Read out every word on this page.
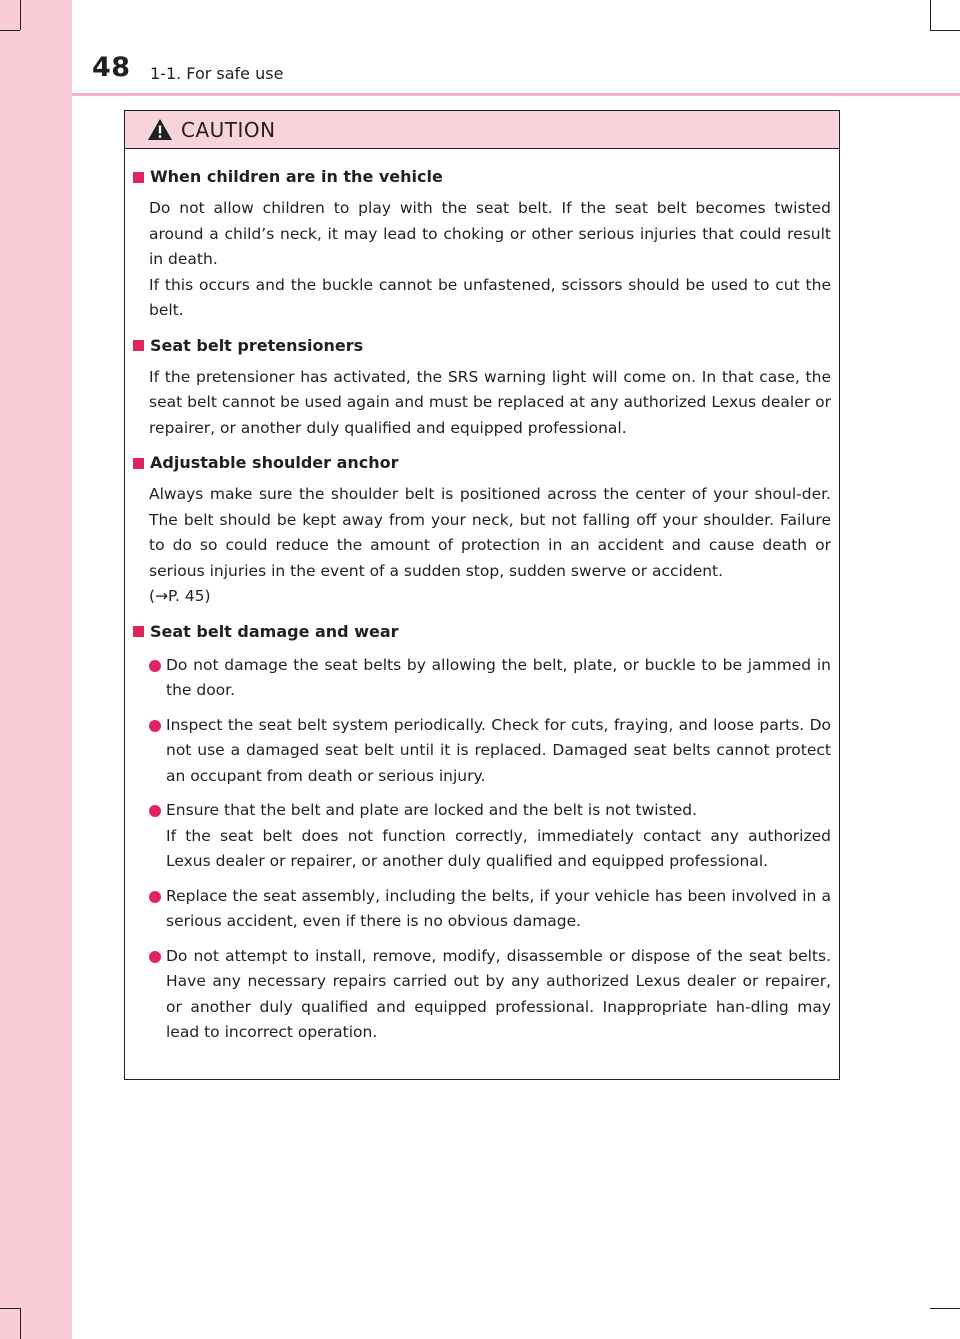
48 1-1. For safe use
CAUTION
When children are in the vehicle
Do not allow children to play with the seat belt. If the seat belt becomes twisted around a child’s neck, it may lead to choking or other serious injuries that could result in death.
If this occurs and the buckle cannot be unfastened, scissors should be used to cut the belt.
Seat belt pretensioners
If the pretensioner has activated, the SRS warning light will come on. In that case, the seat belt cannot be used again and must be replaced at any authorized Lexus dealer or repairer, or another duly qualified and equipped professional.
Adjustable shoulder anchor
Always make sure the shoulder belt is positioned across the center of your shoul-der. The belt should be kept away from your neck, but not falling off your shoulder. Failure to do so could reduce the amount of protection in an accident and cause death or serious injuries in the event of a sudden stop, sudden swerve or accident.
(→P. 45)
Seat belt damage and wear
Do not damage the seat belts by allowing the belt, plate, or buckle to be jammed in the door.
Inspect the seat belt system periodically. Check for cuts, fraying, and loose parts. Do not use a damaged seat belt until it is replaced. Damaged seat belts cannot protect an occupant from death or serious injury.
Ensure that the belt and plate are locked and the belt is not twisted.
If the seat belt does not function correctly, immediately contact any authorized Lexus dealer or repairer, or another duly qualified and equipped professional.
Replace the seat assembly, including the belts, if your vehicle has been involved in a serious accident, even if there is no obvious damage.
Do not attempt to install, remove, modify, disassemble or dispose of the seat belts. Have any necessary repairs carried out by any authorized Lexus dealer or repairer, or another duly qualified and equipped professional. Inappropriate han-dling may lead to incorrect operation.
